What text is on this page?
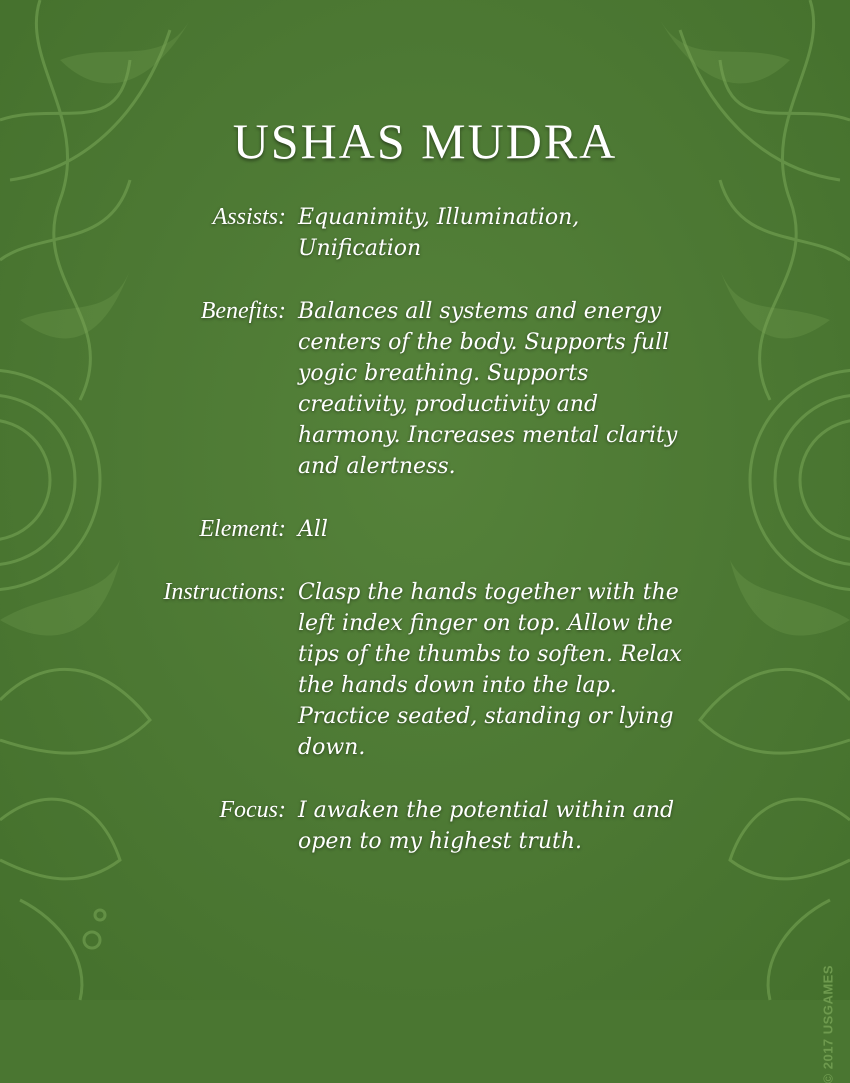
USHAS MUDRA
Assists: Equanimity, Illumination, Unification
Benefits: Balances all systems and energy centers of the body. Supports full yogic breathing. Supports creativity, productivity and harmony. Increases mental clarity and alertness.
Element: All
Instructions: Clasp the hands together with the left index finger on top. Allow the tips of the thumbs to soften. Relax the hands down into the lap. Practice seated, standing or lying down.
Focus: I awaken the potential within and open to my highest truth.
© 2017 USGAMES
